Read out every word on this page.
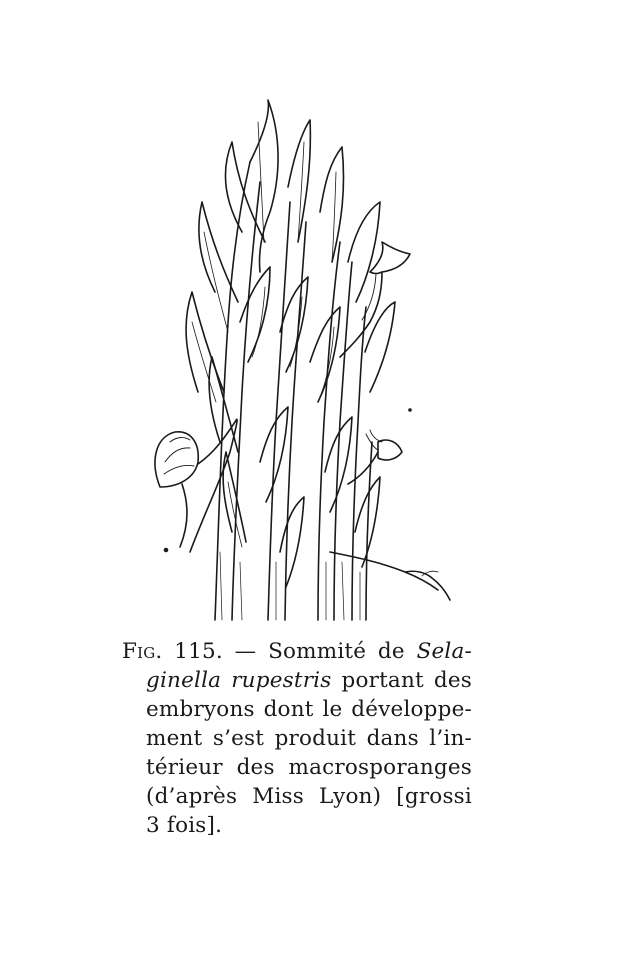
Fig. 115. — Sommité de Sela-
ginella rupestris portant des
embryons dont le développe-
ment s’est produit dans l’in-
térieur des macrosporanges
(d’après Miss Lyon) [grossi
3 fois].
